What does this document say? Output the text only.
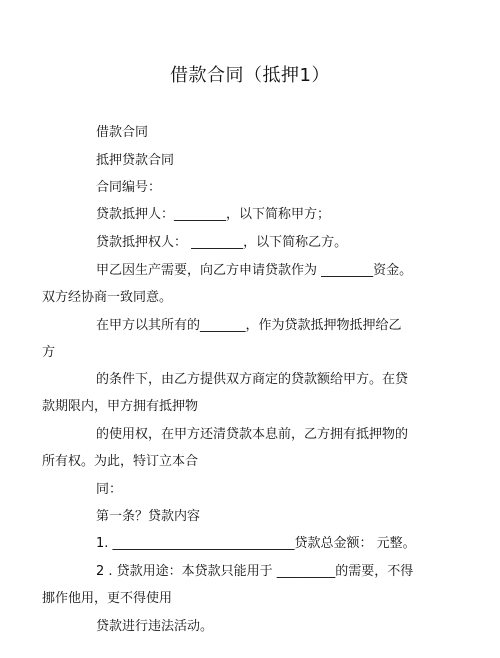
借款合同（抵押1）
借款合同
抵押贷款合同
合同编号：
贷款抵押人：________，以下简称甲方；
贷款抵押权人： ________，以下简称乙方。
甲乙因生产需要，向乙方申请贷款作为 ________资金。
双方经协商一致同意。
在甲方以其所有的_______，作为贷款抵押物抵押给乙
方
的条件下，由乙方提供双方商定的贷款额给甲方。在贷
款期限内，甲方拥有抵押物
的使用权，在甲方还清贷款本息前，乙方拥有抵押物的
所有权。为此，特订立本合
同：
第一条？贷款内容
1. ____________________________贷款总金额： 元整。
2 . 贷款用途：本贷款只能用于 _________的需要，不得
挪作他用，更不得使用
贷款进行违法活动。
